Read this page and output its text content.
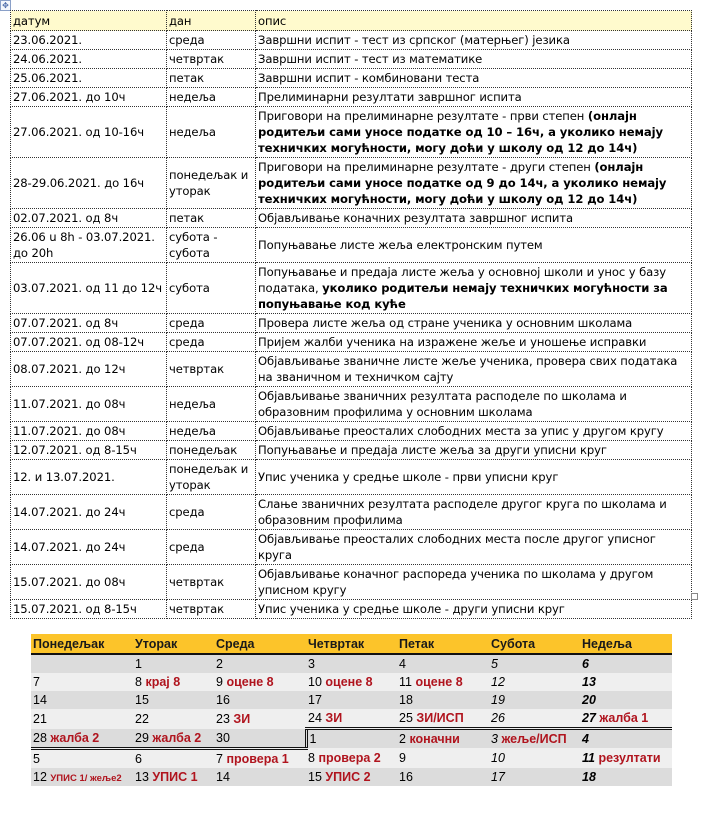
✥
датум	дан	опис
23.06.2021.	среда	Завршни испит - тест из српског (матерњег) језика
24.06.2021.	четвртак	Завршни испит - тест из математике
25.06.2021.	петак	Завршни испит - комбиновани теста
27.06.2021. до 10ч	недеља	Прелиминарни резултати завршног испита
27.06.2021. од 10-16ч	недеља	Приговори на прелиминарне резултате - први степен (онлајн родитељи сами уносе податке од 10 – 16ч, а уколико немају техничких могућности, могу доћи у школу од 12 до 14ч)
28-29.06.2021. до 16ч	понедељак и уторак	Приговори на прелиминарне резултате - други степен (онлајн родитељи сами уносе податке од 9 до 14ч, а уколико немају техничких могућности, могу доћи у школу од 12 до 14ч)
02.07.2021. од 8ч	петак	Објављивање коначних резултата завршног испита
26.06 u 8h - 03.07.2021. до 20h	субота - субота	Попуњавање листе жеља електронским путем
03.07.2021. од 11 до 12ч	субота	Попуњавање и предаја листе жеља у основној школи и унос у базу података, уколико родитељи немају техничких могућности за попуњавање код куће
07.07.2021. од 8ч	среда	Провера листе жеља од стране ученика у основним школама
07.07.2021. од 08-12ч	среда	Пријем жалби ученика на изражене жеље и уношење исправки
08.07.2021. до 12ч	четвртак	Објављивање званичне листе жеље ученика, провера свих података на званичном и техничком сајту
11.07.2021. до 08ч	недеља	Објављивање званичних резултата расподеле по школама и образовним профилима у основним школама
11.07.2021. до 08ч	недеља	Објављивање преосталих слободних места за упис у другом кругу
12.07.2021. од 8-15ч	понедељак	Попуњавање и предаја листе жеља за други уписни круг
12. и 13.07.2021.	понедељак и уторак	Упис ученика у средње школе - први уписни круг
14.07.2021. до 24ч	среда	Слање званичних резултата расподеле другог круга по школама и образовним профилима
14.07.2021. до 24ч	среда	Објављивање преосталих слободних места после другог уписног круга
15.07.2021. до 08ч	четвртак	Објављивање коначног распореда ученика по школама у другом уписном кругу
15.07.2021. од 8-15ч	четвртак	Упис ученика у средње школе - други уписни круг
Понедељак	Уторак	Среда	Четвртак	Петак	Субота	Недеља
	1	2	3	4	5	6
7	8 крај 8	9 оцене 8	10 оцене 8	11 оцене 8	12	13
14	15	16	17	18	19	20
21	22	23 ЗИ	24 ЗИ	25 ЗИ/ИСП	26	27 жалба 1
28 жалба 2	29 жалба 2	30	1	2 коначни	3 жеље/ИСП	4
5	6	7 провера 1	8 провера 2	9	10	11 резултати
12 УПИС 1/ жеље2	13 УПИС 1	14	15 УПИС 2	16	17	18
